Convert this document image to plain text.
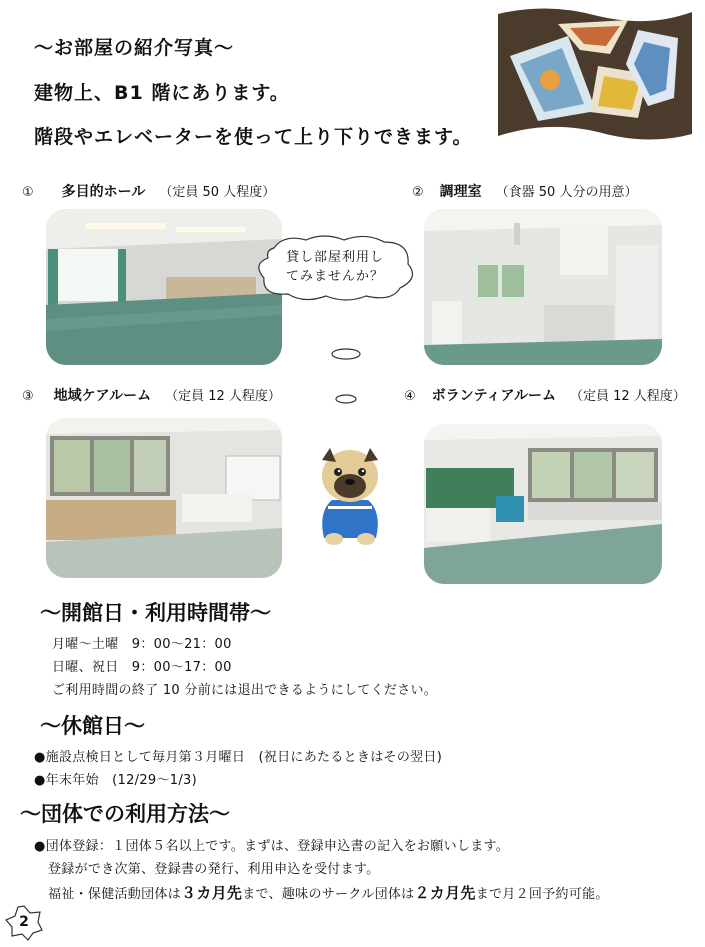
～お部屋の紹介写真～
建物上、B1 階にあります。
階段やエレベーターを使って上り下りできます。
① 多目的ホール （定員 50 人程度）	② 調理室 （食器 50 人分の用意）
貸し部屋利用し
てみませんか？
③ 地域ケアルーム （定員 12 人程度）	④ ボランティアルーム （定員 12 人程度）
～開館日・利用時間帯～
月曜～土曜　9：00～21：00
日曜、祝日　9：00～17：00
ご利用時間の終了 10 分前には退出できるようにしてください。
～休館日～
●施設点検日として毎月第３月曜日　(祝日にあたるときはその翌日)
●年末年始　(12/29～1/3)
～団体での利用方法～
●団体登録：１団体５名以上です。まずは、登録申込書の記入をお願いします。
登録ができ次第、登録書の発行、利用申込を受付ます。
福祉・保健活動団体は３カ月先まで、趣味のサークル団体は２カ月先まで月２回予約可能。
2
